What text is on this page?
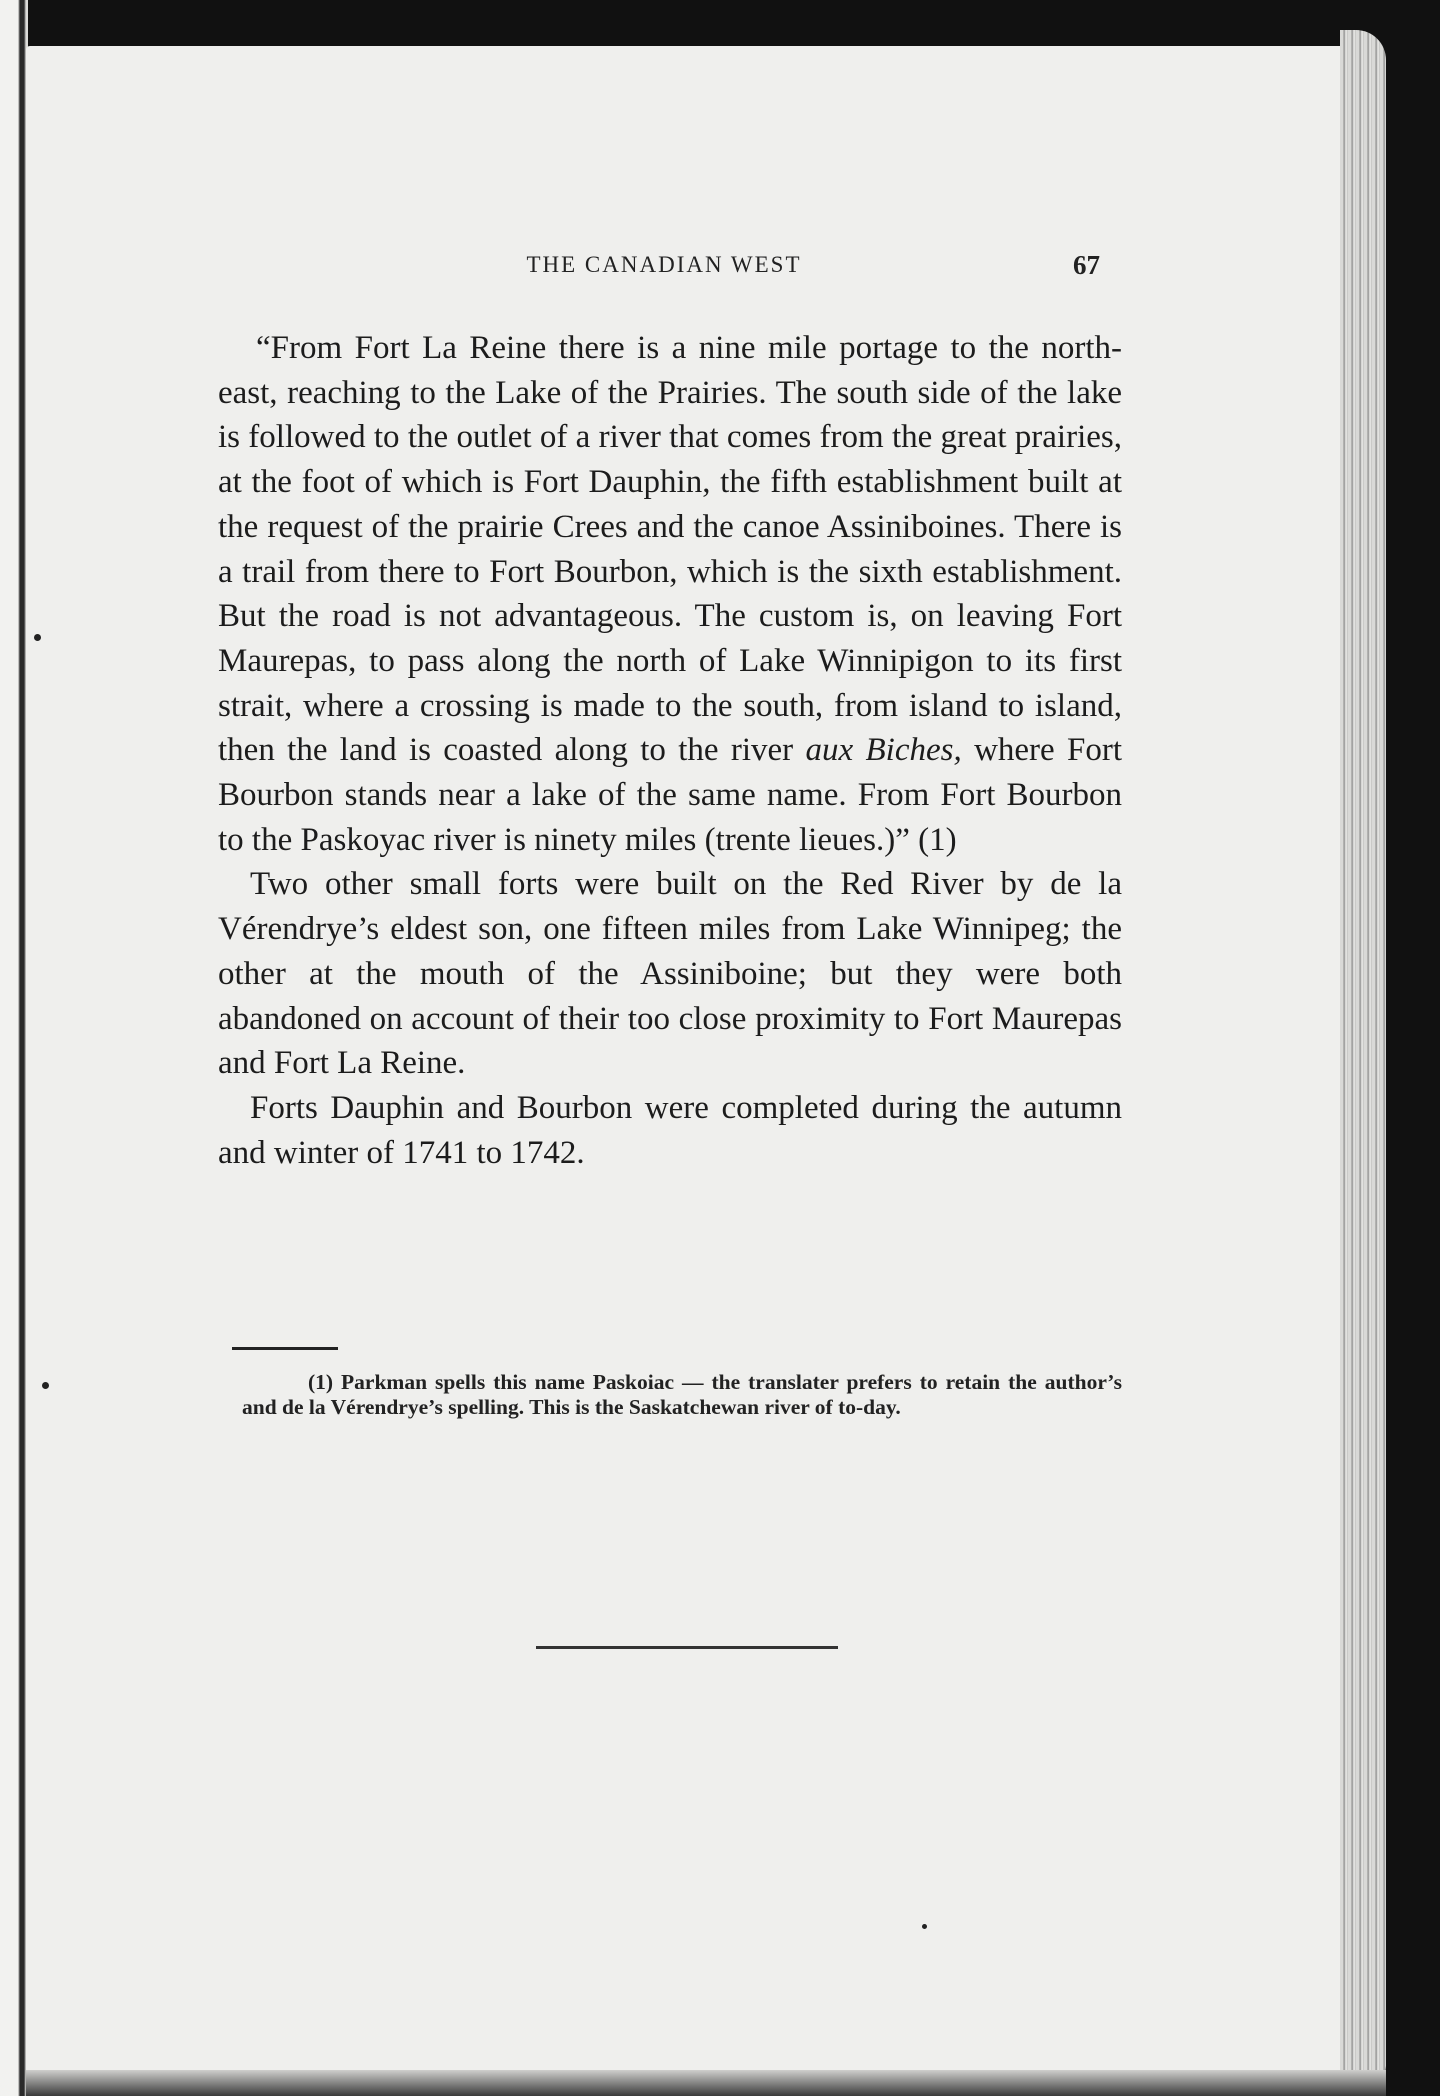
THE CANADIAN WEST	67

“From Fort La Reine there is a nine mile portage to the north-east, reaching to the Lake of the Prairies. The south side of the lake is followed to the outlet of a river that comes from the great prairies, at the foot of which is Fort Dauphin, the fifth establishment built at the request of the prairie Crees and the canoe Assiniboines. There is a trail from there to Fort Bourbon, which is the sixth establishment. But the road is not advantageous. The custom is, on leaving Fort Maurepas, to pass along the north of Lake Winnipigon to its first strait, where a crossing is made to the south, from island to island, then the land is coasted along to the river aux Biches, where Fort Bourbon stands near a lake of the same name. From Fort Bourbon to the Paskoyac river is ninety miles (trente lieues.)” (1)

Two other small forts were built on the Red River by de la Vérendrye’s eldest son, one fifteen miles from Lake Winnipeg; the other at the mouth of the Assiniboine; but they were both abandoned on account of their too close proximity to Fort Maurepas and Fort La Reine.

Forts Dauphin and Bourbon were completed during the autumn and winter of 1741 to 1742.

(1) Parkman spells this name Paskoiac — the translater prefers to retain the author’s and de la Vérendrye’s spelling. This is the Saskatchewan river of to-day.
